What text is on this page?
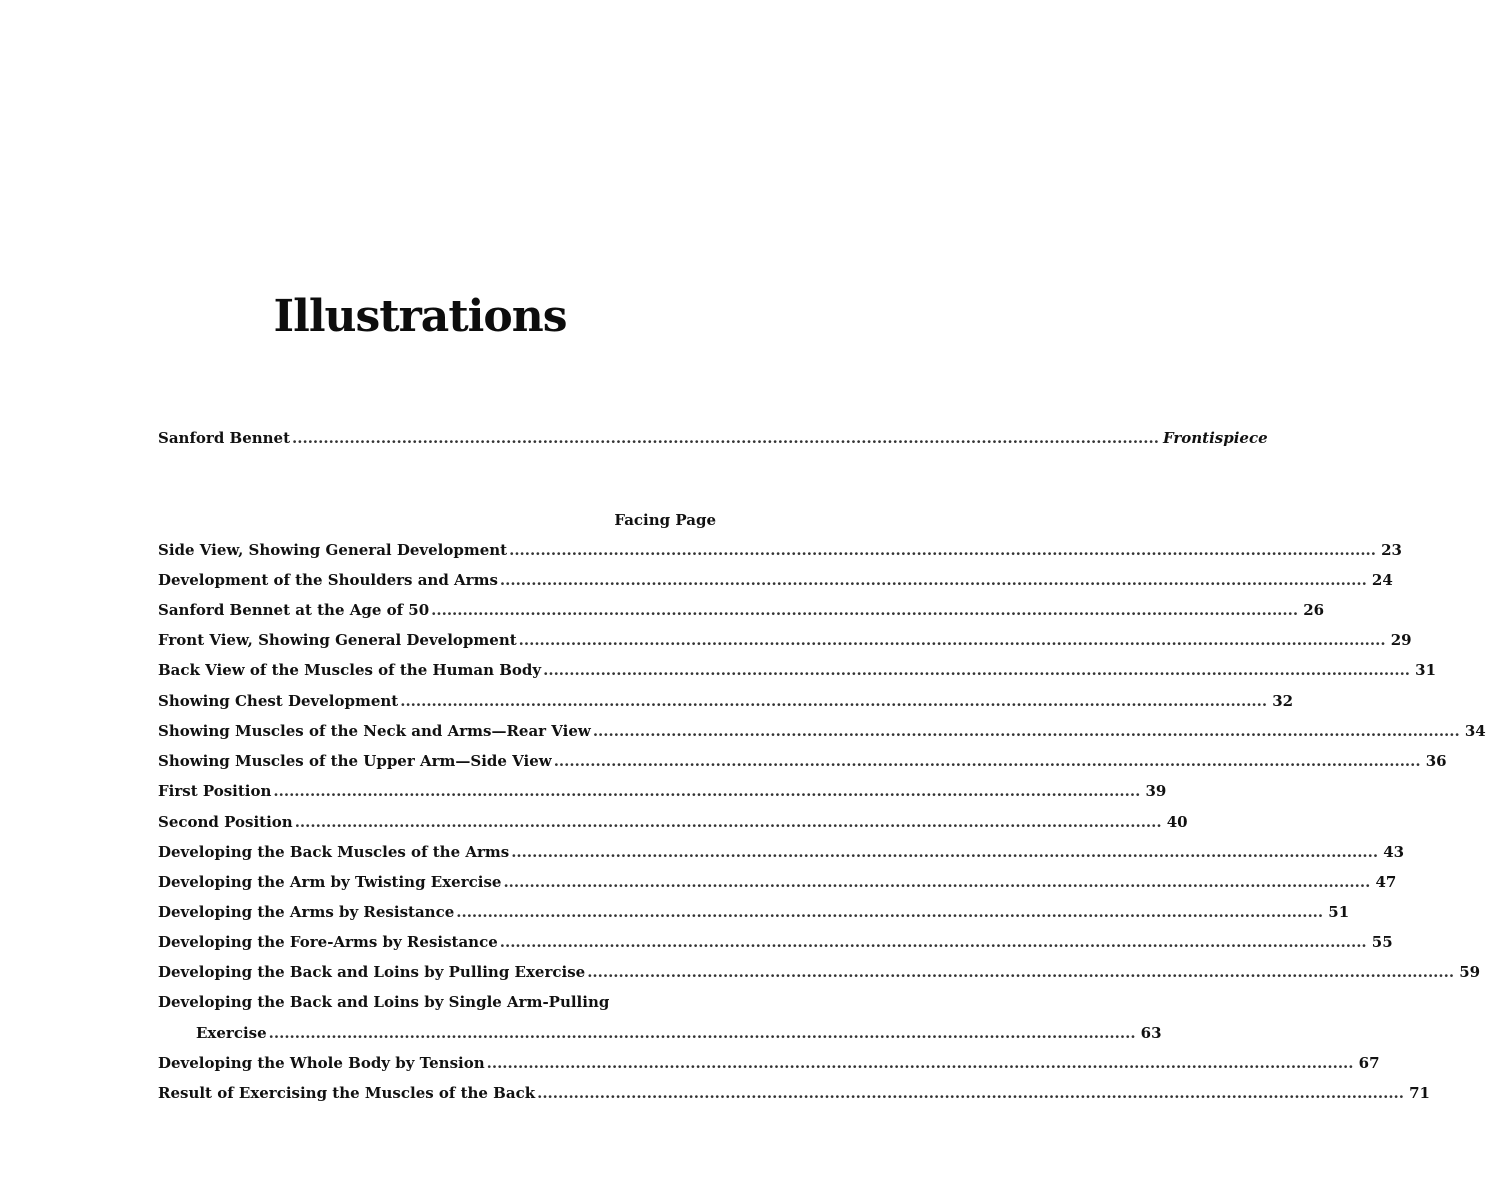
Illustrations
Sanford Bennet ...................................................................................................................................................................... Frontispiece
Facing Page
Side View, Showing General Development ...................................................................................................................................................................... 23
Development of the Shoulders and Arms ...................................................................................................................................................................... 24
Sanford Bennet at the Age of 50 ...................................................................................................................................................................... 26
Front View, Showing General Development ...................................................................................................................................................................... 29
Back View of the Muscles of the Human Body ...................................................................................................................................................................... 31
Showing Chest Development ...................................................................................................................................................................... 32
Showing Muscles of the Neck and Arms—Rear View ...................................................................................................................................................................... 34
Showing Muscles of the Upper Arm—Side View ...................................................................................................................................................................... 36
First Position ...................................................................................................................................................................... 39
Second Position ...................................................................................................................................................................... 40
Developing the Back Muscles of the Arms ...................................................................................................................................................................... 43
Developing the Arm by Twisting Exercise ...................................................................................................................................................................... 47
Developing the Arms by Resistance ...................................................................................................................................................................... 51
Developing the Fore-Arms by Resistance ...................................................................................................................................................................... 55
Developing the Back and Loins by Pulling Exercise ...................................................................................................................................................................... 59
Developing the Back and Loins by Single Arm-Pulling
Exercise ...................................................................................................................................................................... 63
Developing the Whole Body by Tension ...................................................................................................................................................................... 67
Result of Exercising the Muscles of the Back ...................................................................................................................................................................... 71
